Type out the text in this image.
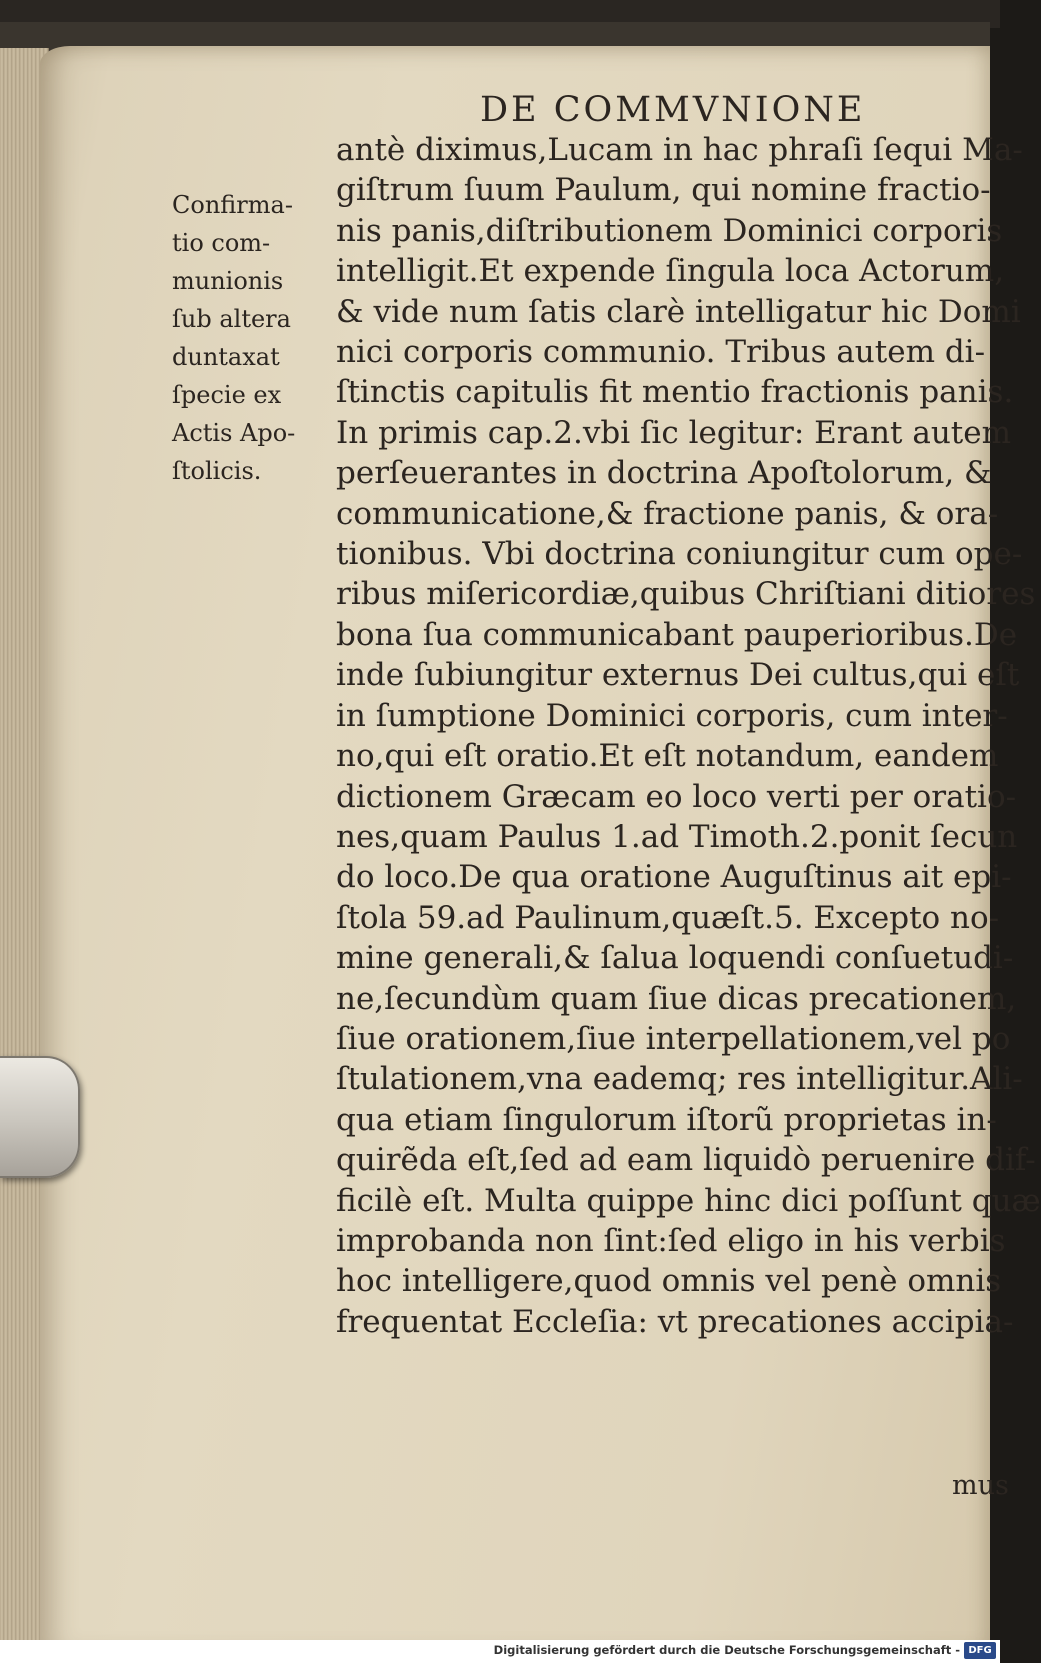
DE COMMVNIONE

Confirma-
tio com-
munionis
ſub altera
duntaxat
ſpecie ex
Actis Apo-
ſtolicis.
antè diximus,Lucam in hac phraſi ſequi Ma-
giſtrum ſuum Paulum, qui nomine fractio-
nis panis,diſtributionem Dominici corporis
intelligit.Et expende ſingula loca Actorum,
& vide num ſatis clarè intelligatur hic Domi
nici corporis communio. Tribus autem di-
ſtinctis capitulis fit mentio fractionis panis.
In primis cap.2.vbi ſic legitur: Erant autem
perſeuerantes in doctrina Apoſtolorum, &
communicatione,& fractione panis, & ora-
tionibus. Vbi doctrina coniungitur cum ope-
ribus miſericordiæ,quibus Chriſtiani ditiores
bona ſua communicabant pauperioribus.De
inde ſubiungitur externus Dei cultus,qui eſt
in ſumptione Dominici corporis, cum inter-
no,qui eſt oratio.Et eſt notandum, eandem
dictionem Græcam eo loco verti per oratio-
nes,quam Paulus 1.ad Timoth.2.ponit ſecun
do loco.De qua oratione Auguſtinus ait epi-
ſtola 59.ad Paulinum,quæſt.5. Excepto no-
mine generali,& ſalua loquendi conſuetudi-
ne,ſecundùm quam ſiue dicas precationem,
ſiue orationem,ſiue interpellationem,vel po
ſtulationem,vna eademq; res intelligitur.Ali-
qua etiam ſingulorum iſtorũ proprietas in-
quirẽda eſt,ſed ad eam liquidò peruenire dif-
ficilè eſt. Multa quippe hinc dici poſſunt quæ
improbanda non ſint:ſed eligo in his verbis
hoc intelligere,quod omnis vel penè omnis
frequentat Eccleſia: vt precationes accipia-

mus

Digitalisierung gefördert durch die Deutsche Forschungsgemeinschaft - DFG
